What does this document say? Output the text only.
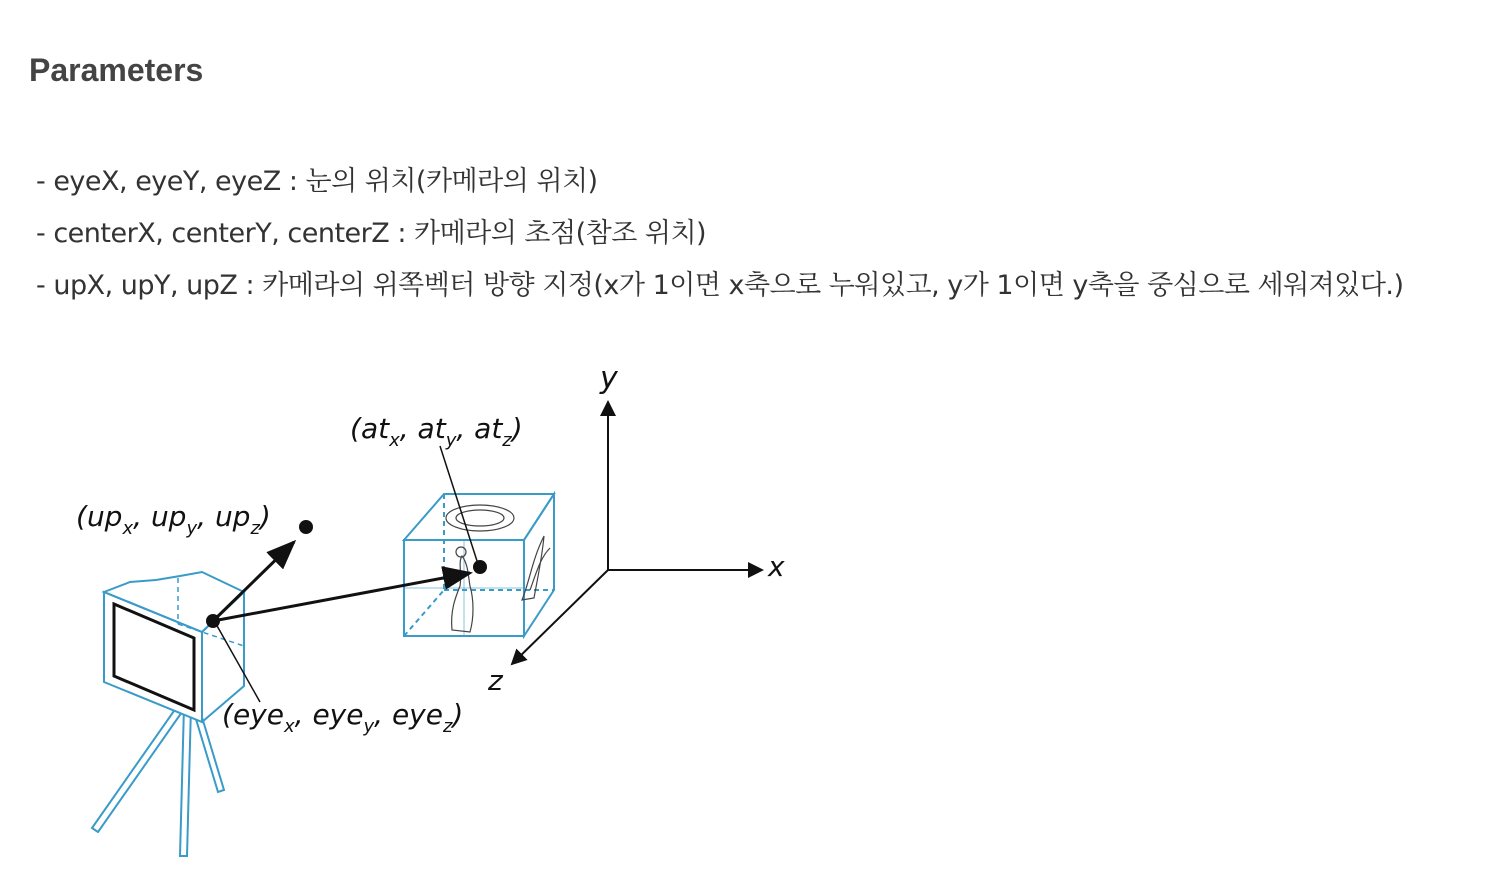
Parameters
- eyeX, eyeY, eyeZ : 눈의 위치(카메라의 위치)
- centerX, centerY, centerZ : 카메라의 초점(참조 위치)
- upX, upY, upZ : 카메라의 위쪽벡터 방향 지정(x가 1이면 x축으로 누워있고, y가 1이면 y축을 중심으로 세워져있다.)
y
x
z
($at_x$, $at_y$, $at_z$)
($up_x$, $up_y$, $up_z$)
(eye$_x$, eye$_y$, eye$_z$)
